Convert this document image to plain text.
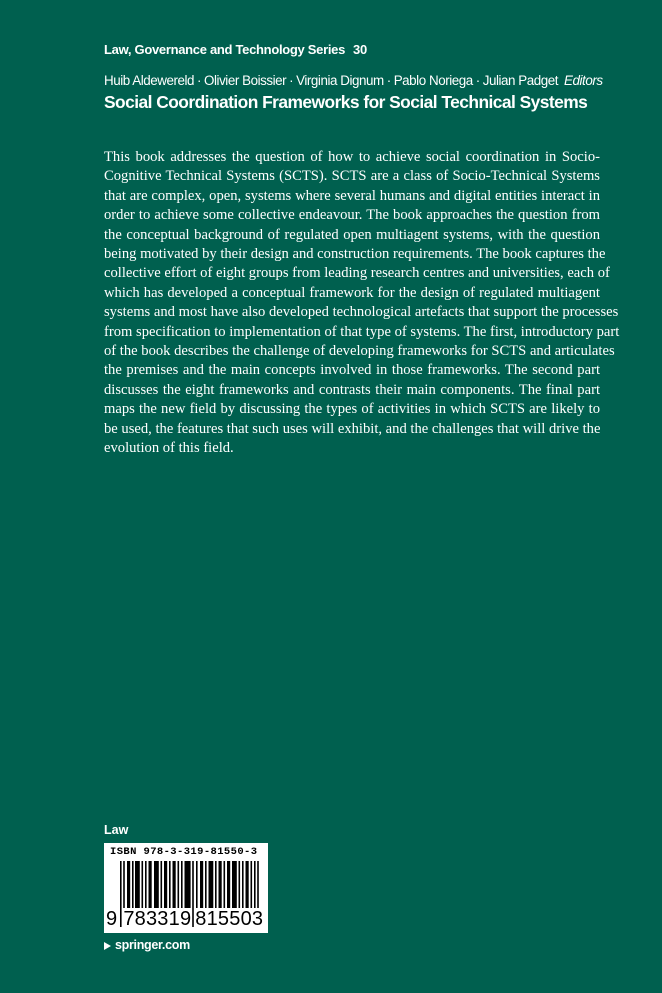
Law, Governance and Technology Series 30
Huib Aldewereld · Olivier Boissier · Virginia Dignum · Pablo Noriega · Julian Padget Editors
Social Coordination Frameworks for Social Technical Systems
This book addresses the question of how to achieve social coordination in Socio-
Cognitive Technical Systems (SCTS). SCTS are a class of Socio-Technical Systems
that are complex, open, systems where several humans and digital entities interact in
order to achieve some collective endeavour. The book approaches the question from
the conceptual background of regulated open multiagent systems, with the question
being motivated by their design and construction requirements. The book captures the
collective effort of eight groups from leading research centres and universities, each of
which has developed a conceptual framework for the design of regulated multiagent
systems and most have also developed technological artefacts that support the processes
from specification to implementation of that type of systems. The first, introductory part
of the book describes the challenge of developing frameworks for SCTS and articulates
the premises and the main concepts involved in those frameworks. The second part
discusses the eight frameworks and contrasts their main components. The final part
maps the new field by discussing the types of activities in which SCTS are likely to
be used, the features that such uses will exhibit, and the challenges that will drive the
evolution of this field.
Law
ISBN 978-3-319-81550-3
9 783319 815503
springer.com
